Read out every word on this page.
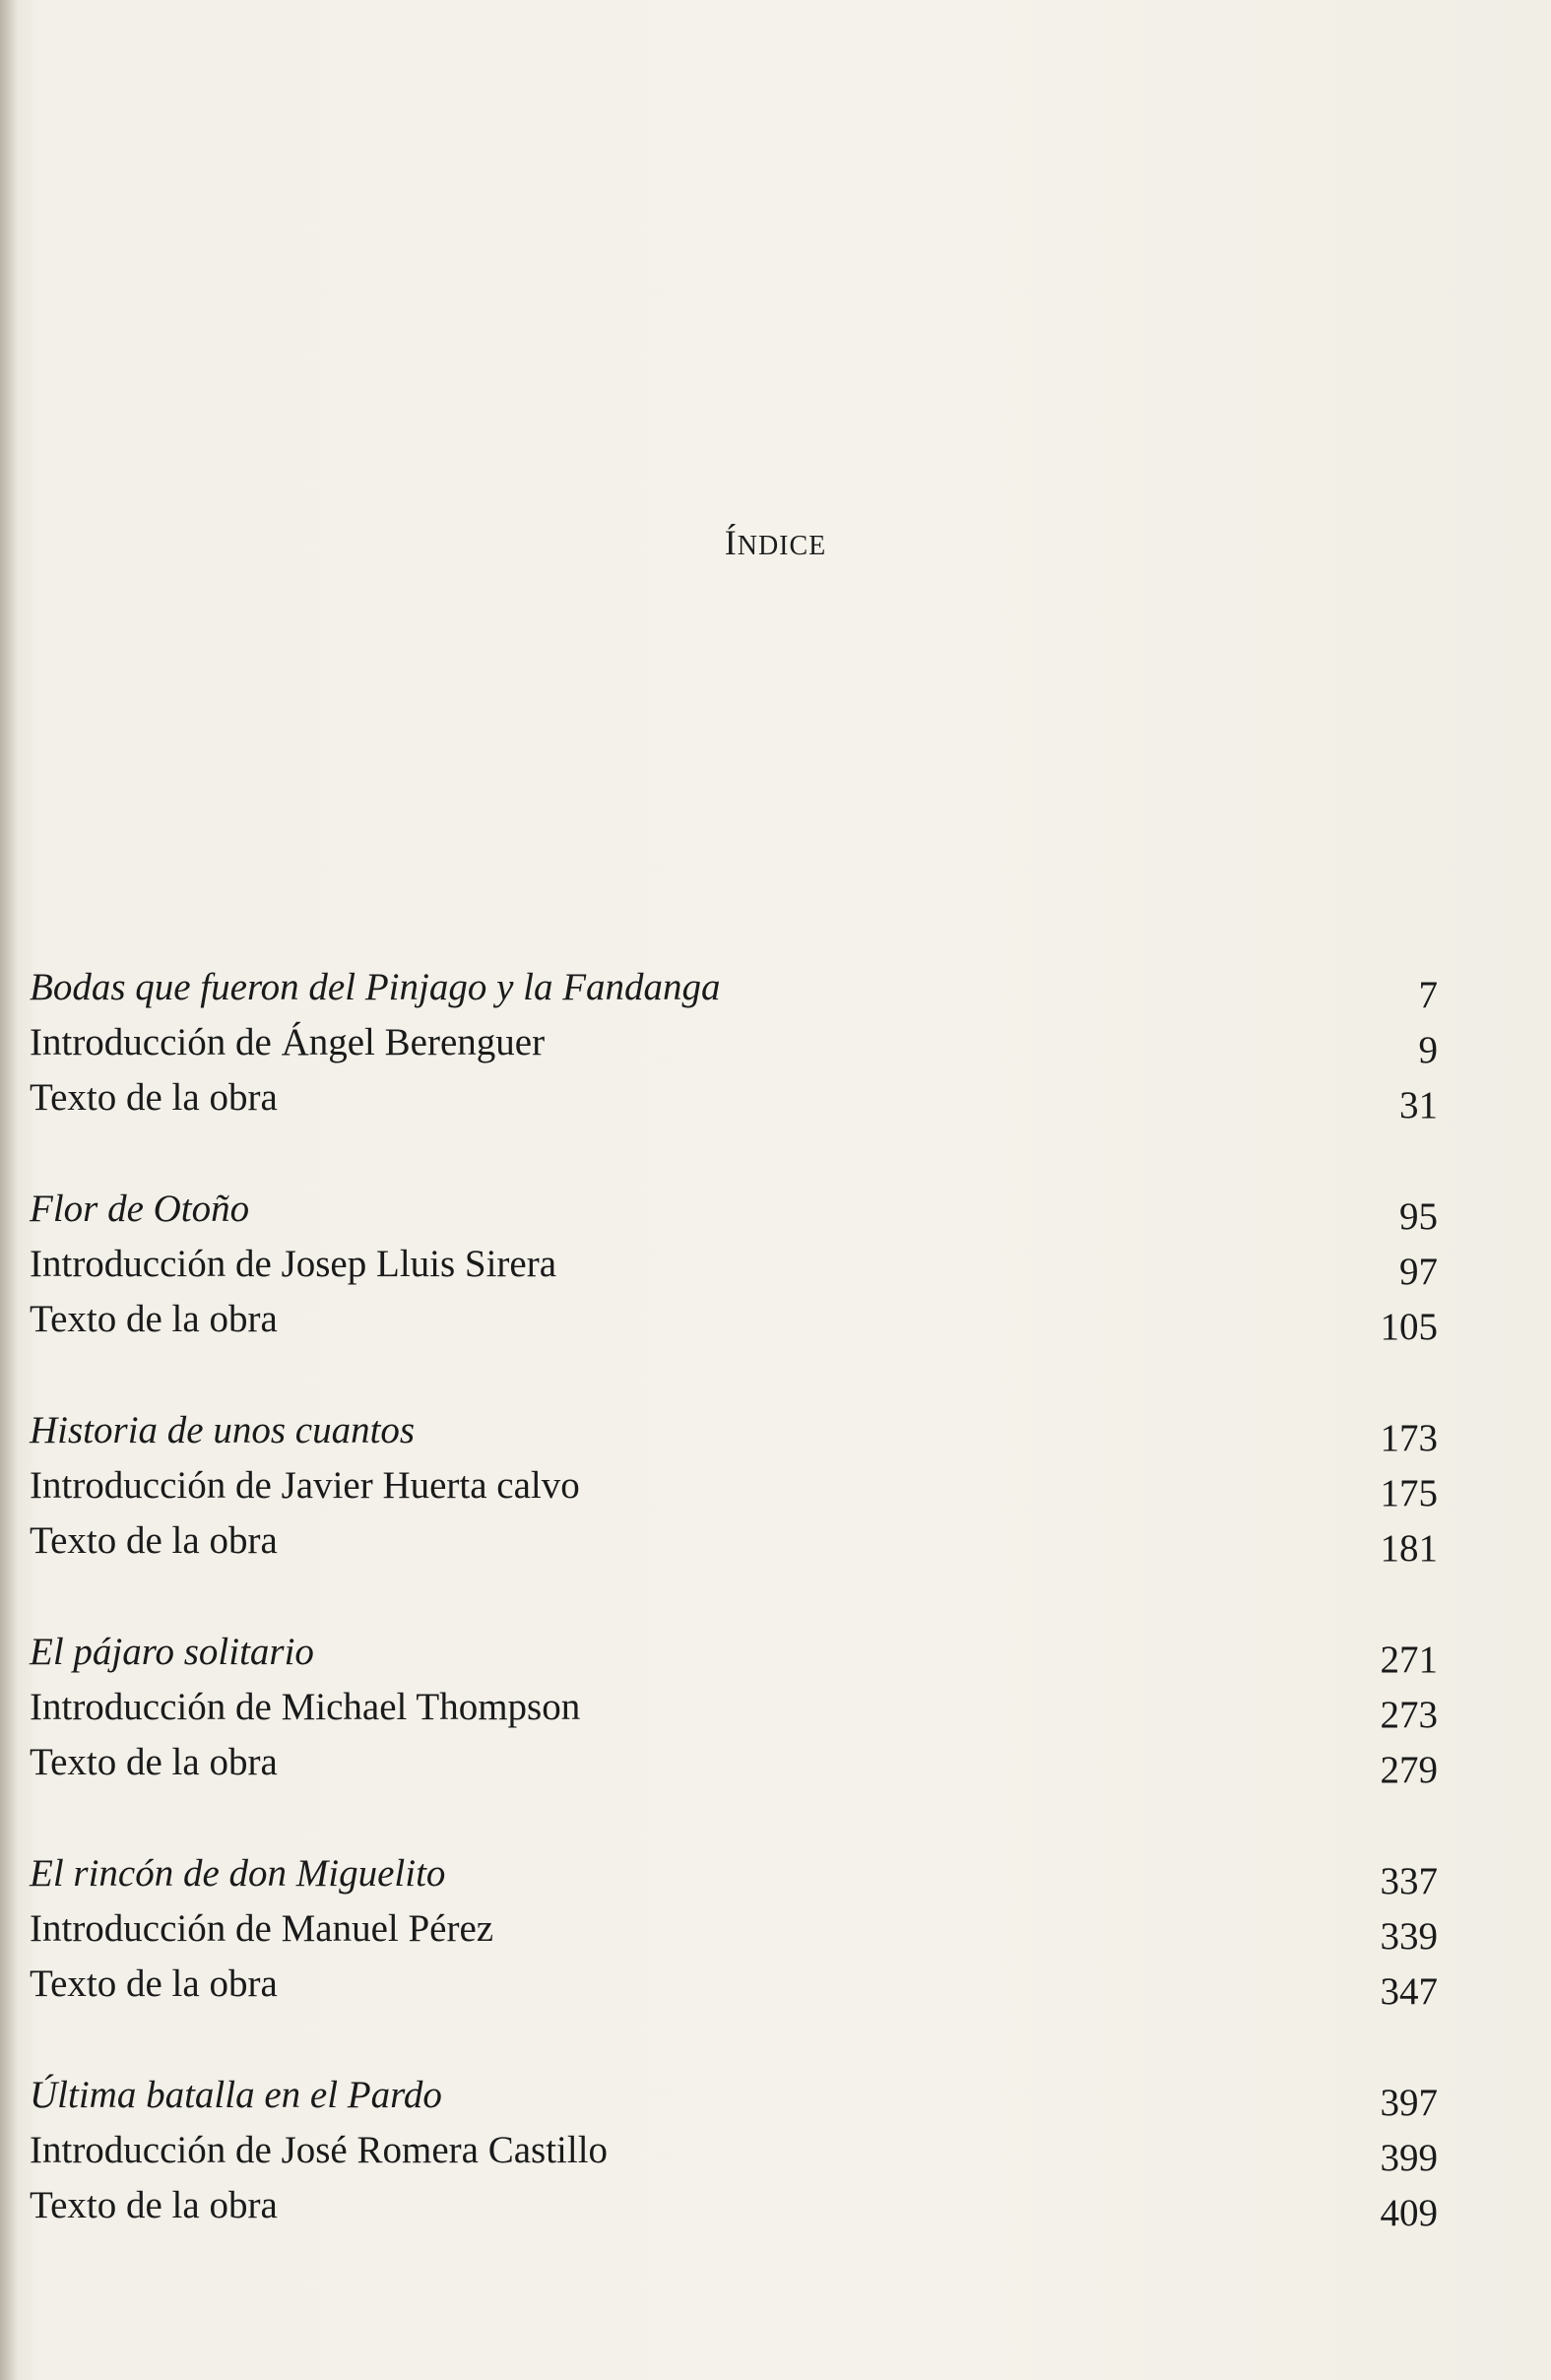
ÍNDICE
Bodas que fueron del Pinjago y la Fandanga	7
Introducción de Ángel Berenguer	9
Texto de la obra	31
Flor de Otoño	95
Introducción de Josep Lluis Sirera	97
Texto de la obra	105
Historia de unos cuantos	173
Introducción de Javier Huerta calvo	175
Texto de la obra	181
El pájaro solitario	271
Introducción de Michael Thompson	273
Texto de la obra	279
El rincón de don Miguelito	337
Introducción de Manuel Pérez	339
Texto de la obra	347
Última batalla en el Pardo	397
Introducción de José Romera Castillo	399
Texto de la obra	409
